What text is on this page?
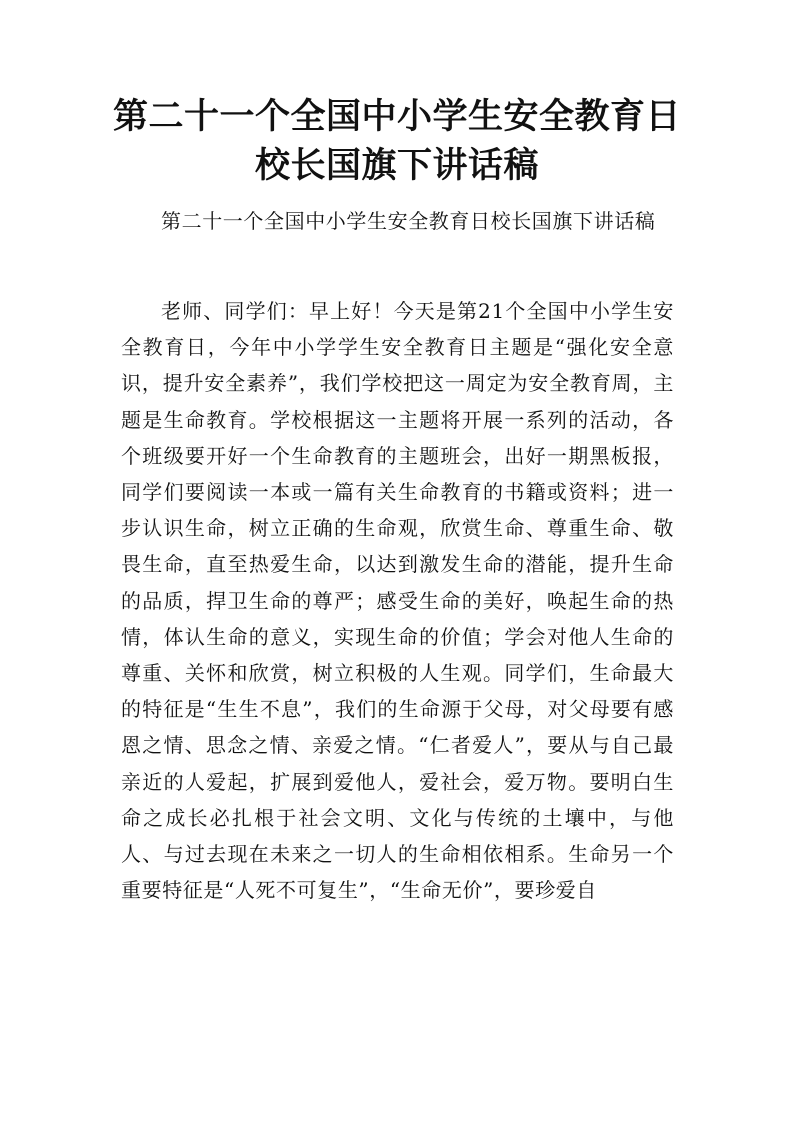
第二十一个全国中小学生安全教育日校长国旗下讲话稿

第二十一个全国中小学生安全教育日校长国旗下讲话稿

老师、同学们：早上好！今天是第21个全国中小学生安全教育日，今年中小学学生安全教育日主题是“强化安全意识，提升安全素养”，我们学校把这一周定为安全教育周，主题是生命教育。学校根据这一主题将开展一系列的活动，各个班级要开好一个生命教育的主题班会，出好一期黑板报，同学们要阅读一本或一篇有关生命教育的书籍或资料；进一步认识生命，树立正确的生命观，欣赏生命、尊重生命、敬畏生命，直至热爱生命，以达到激发生命的潜能，提升生命的品质，捍卫生命的尊严；感受生命的美好，唤起生命的热情，体认生命的意义，实现生命的价值；学会对他人生命的尊重、关怀和欣赏，树立积极的人生观。同学们，生命最大的特征是“生生不息”，我们的生命源于父母，对父母要有感恩之情、思念之情、亲爱之情。“仁者爱人”，要从与自己最亲近的人爱起，扩展到爱他人，爱社会，爱万物。要明白生命之成长必扎根于社会文明、文化与传统的土壤中，与他人、与过去现在未来之一切人的生命相依相系。生命另一个重要特征是“人死不可复生”，“生命无价”，要珍爱自
